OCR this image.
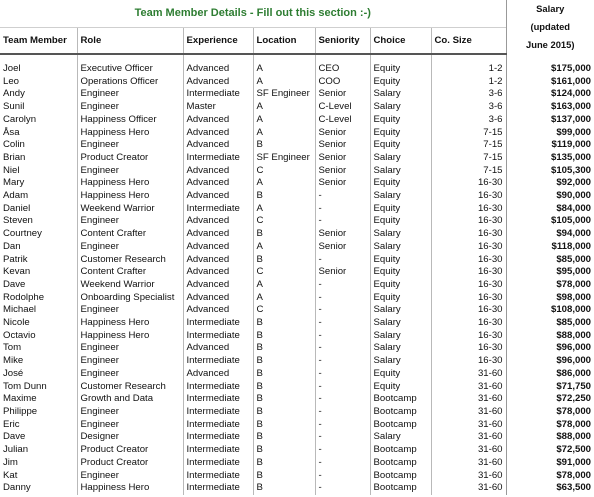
Team Member Details - Fill out this section :-)							Salary
(updated
June 2015)

Team Member	Role	Experience	Location	Seniority	Choice	Co. Size	

Joel	Executive Officer	Advanced	A	CEO	Equity	1-2	$175,000
Leo	Operations Officer	Advanced	A	COO	Equity	1-2	$161,000
Andy	Engineer	Intermediate	SF Engineer	Senior	Salary	3-6	$124,000
Sunil	Engineer	Master	A	C-Level	Salary	3-6	$163,000
Carolyn	Happiness Officer	Advanced	A	C-Level	Equity	3-6	$137,000
Åsa	Happiness Hero	Advanced	A	Senior	Equity	7-15	$99,000
Colin	Engineer	Advanced	B	Senior	Equity	7-15	$119,000
Brian	Product Creator	Intermediate	SF Engineer	Senior	Salary	7-15	$135,000
Niel	Engineer	Advanced	C	Senior	Salary	7-15	$105,300
Mary	Happiness Hero	Advanced	A	Senior	Equity	16-30	$92,000
Adam	Happiness Hero	Advanced	B	-	Salary	16-30	$90,000
Daniel	Weekend Warrior	Intermediate	A	-	Equity	16-30	$84,000
Steven	Engineer	Advanced	C	-	Equity	16-30	$105,000
Courtney	Content Crafter	Advanced	B	Senior	Salary	16-30	$94,000
Dan	Engineer	Advanced	A	Senior	Salary	16-30	$118,000
Patrik	Customer Research	Advanced	B	-	Equity	16-30	$85,000
Kevan	Content Crafter	Advanced	C	Senior	Equity	16-30	$95,000
Dave	Weekend Warrior	Advanced	A	-	Equity	16-30	$78,000
Rodolphe	Onboarding Specialist	Advanced	A	-	Equity	16-30	$98,000
Michael	Engineer	Advanced	C	-	Salary	16-30	$108,000
Nicole	Happiness Hero	Intermediate	B	-	Salary	16-30	$85,000
Octavio	Happiness Hero	Intermediate	B	-	Salary	16-30	$88,000
Tom	Engineer	Advanced	B	-	Salary	16-30	$96,000
Mike	Engineer	Intermediate	B	-	Salary	16-30	$96,000
José	Engineer	Advanced	B	-	Equity	31-60	$86,000
Tom Dunn	Customer Research	Intermediate	B	-	Equity	31-60	$71,750
Maxime	Growth and Data	Intermediate	B	-	Bootcamp	31-60	$72,250
Philippe	Engineer	Intermediate	B	-	Bootcamp	31-60	$78,000
Eric	Engineer	Intermediate	B	-	Bootcamp	31-60	$78,000
Dave	Designer	Intermediate	B	-	Salary	31-60	$88,000
Julian	Product Creator	Intermediate	B	-	Bootcamp	31-60	$72,500
Jim	Product Creator	Intermediate	B	-	Bootcamp	31-60	$91,000
Kat	Engineer	Intermediate	B	-	Bootcamp	31-60	$78,000
Danny	Happiness Hero	Intermediate	B	-	Bootcamp	31-60	$63,500
